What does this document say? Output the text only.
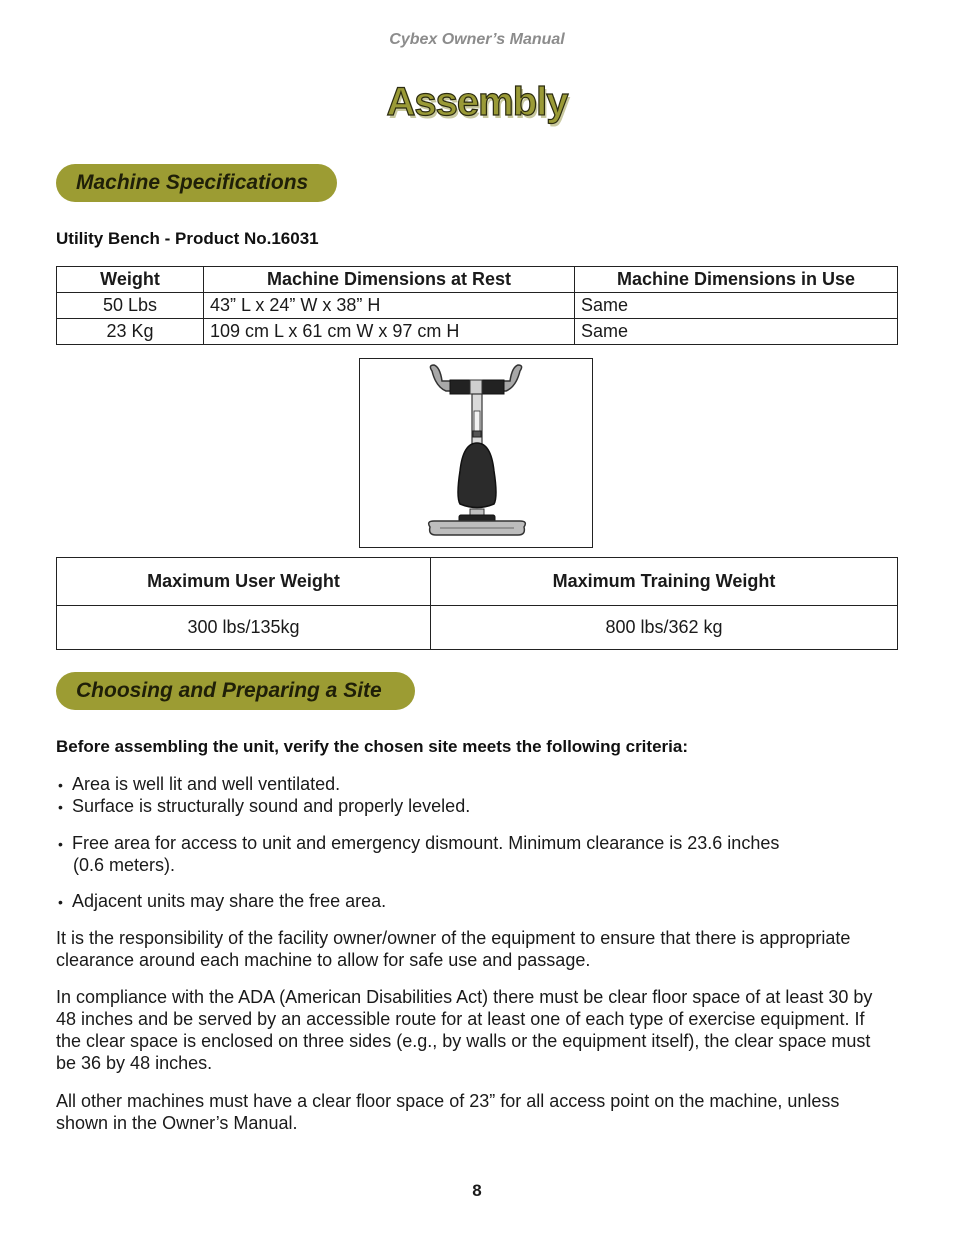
Cybex Owner’s Manual
Assembly
Machine Specifications
Utility Bench - Product No.16031
Weight	Machine Dimensions at Rest	Machine Dimensions in Use
50 Lbs	43” L x 24” W x 38” H	Same
23 Kg	109 cm L x 61 cm W x 97 cm H	Same
Maximum User Weight	Maximum Training Weight
300 lbs/135kg	800 lbs/362 kg
Choosing and Preparing a Site
Before assembling the unit, verify the chosen site meets the following criteria:
• Area is well lit and well ventilated.
• Surface is structurally sound and properly leveled.
• Free area for access to unit and emergency dismount. Minimum clearance is 23.6 inches
(0.6 meters).
• Adjacent units may share the free area.
It is the responsibility of the facility owner/owner of the equipment to ensure that there is appropriate clearance around each machine to allow for safe use and passage.
In compliance with the ADA (American Disabilities Act) there must be clear floor space of at least 30 by 48 inches and be served by an accessible route for at least one of each type of exercise equipment. If the clear space is enclosed on three sides (e.g., by walls or the equipment itself), the clear space must be 36 by 48 inches.
All other machines must have a clear floor space of 23” for all access point on the machine, unless shown in the Owner’s Manual.
8
